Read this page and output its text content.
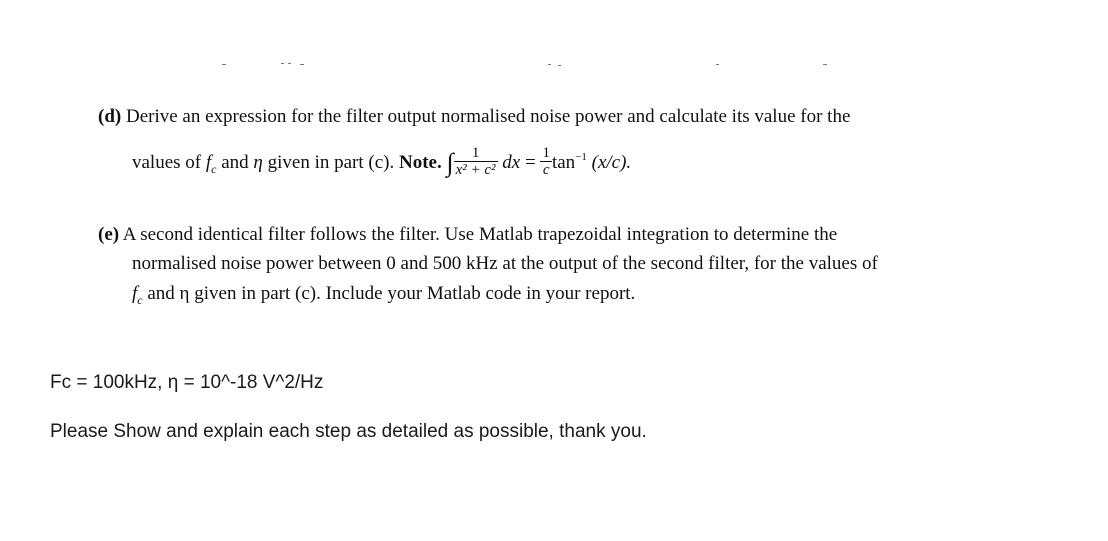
(d) Derive an expression for the filter output normalised noise power and calculate its value for the
values of $f_c$ and η given in part (c). Note. ∫ $\frac{1}{\text{x² + c²}}$ dx = $\frac{1}{c} \tan^{-1} (x/c)$.
(e) A second identical filter follows the filter. Use Matlab trapezoidal integration to determine the
normalised noise power between 0 and 500 kHz at the output of the second filter, for the values of
$f_c$ and η given in part (c). Include your Matlab code in your report.
Fc = 100kHz, η = 10^-18 V^2/Hz
Please Show and explain each step as detailed as possible, thank you.
